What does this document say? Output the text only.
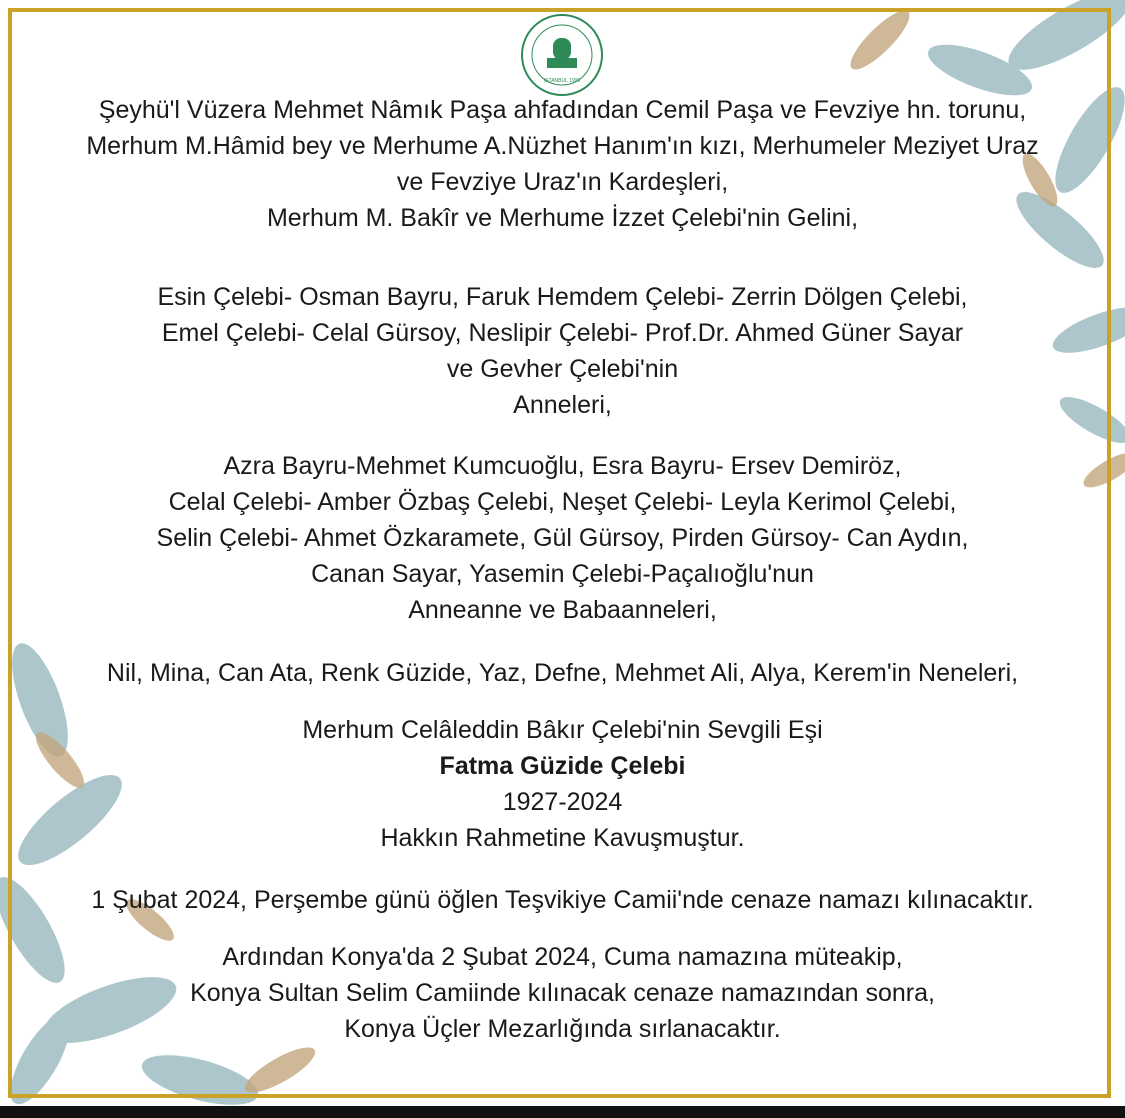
ISTANBUL 1996
Şeyhü'l Vüzera Mehmet Nâmık Paşa ahfadından Cemil Paşa ve Fevziye hn. torunu,
Merhum M.Hâmid bey ve Merhume A.Nüzhet Hanım'ın kızı, Merhumeler Meziyet Uraz
ve Fevziye Uraz'ın Kardeşleri,
Merhum M. Bakîr ve Merhume İzzet Çelebi'nin Gelini,
Esin Çelebi- Osman Bayru, Faruk Hemdem Çelebi- Zerrin Dölgen Çelebi,
Emel Çelebi- Celal Gürsoy, Neslipir Çelebi- Prof.Dr. Ahmed Güner Sayar
ve Gevher Çelebi'nin
Anneleri,
Azra Bayru-Mehmet Kumcuoğlu, Esra Bayru- Ersev Demiröz,
Celal Çelebi- Amber Özbaş Çelebi, Neşet Çelebi- Leyla Kerimol Çelebi,
Selin Çelebi- Ahmet Özkaramete, Gül Gürsoy, Pirden Gürsoy- Can Aydın,
Canan Sayar, Yasemin Çelebi-Paçalıoğlu'nun
Anneanne ve Babaanneleri,
Nil, Mina, Can Ata, Renk Güzide, Yaz, Defne, Mehmet Ali, Alya, Kerem'in Neneleri,
Merhum Celâleddin Bâkır Çelebi'nin Sevgili Eşi
Fatma Güzide Çelebi
1927-2024
Hakkın Rahmetine Kavuşmuştur.
1 Şubat 2024, Perşembe günü öğlen Teşvikiye Camii'nde cenaze namazı kılınacaktır.
Ardından Konya'da 2 Şubat 2024, Cuma namazına müteakip,
Konya Sultan Selim Camiinde kılınacak cenaze namazından sonra,
Konya Üçler Mezarlığında sırlanacaktır.
